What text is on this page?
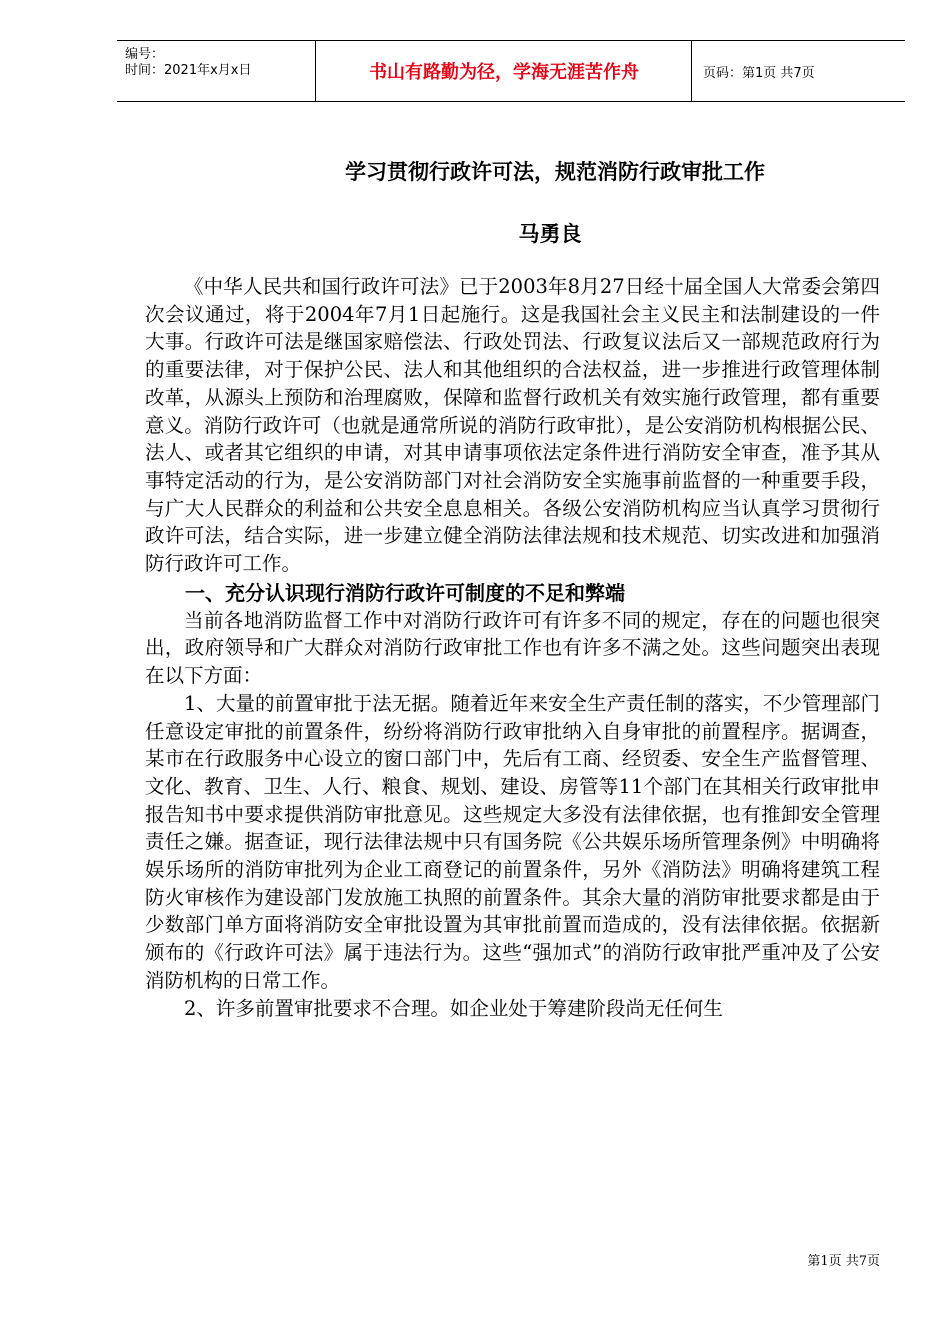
编号：
时间：2021年x月x日	书山有路勤为径，学海无涯苦作舟	页码：第1页 共7页
学习贯彻行政许可法，规范消防行政审批工作
马勇良

《中华人民共和国行政许可法》已于2003年8月27日经十届全国人大常委会第四次会议通过，将于2004年7月1日起施行。这是我国社会主义民主和法制建设的一件大事。行政许可法是继国家赔偿法、行政处罚法、行政复议法后又一部规范政府行为的重要法律，对于保护公民、法人和其他组织的合法权益，进一步推进行政管理体制改革，从源头上预防和治理腐败，保障和监督行政机关有效实施行政管理，都有重要意义。消防行政许可（也就是通常所说的消防行政审批），是公安消防机构根据公民、法人、或者其它组织的申请，对其申请事项依法定条件进行消防安全审查，准予其从事特定活动的行为，是公安消防部门对社会消防安全实施事前监督的一种重要手段，与广大人民群众的利益和公共安全息息相关。各级公安消防机构应当认真学习贯彻行政许可法，结合实际，进一步建立健全消防法律法规和技术规范、切实改进和加强消防行政许可工作。

一、充分认识现行消防行政许可制度的不足和弊端

当前各地消防监督工作中对消防行政许可有许多不同的规定，存在的问题也很突出，政府领导和广大群众对消防行政审批工作也有许多不满之处。这些问题突出表现在以下方面：

1、大量的前置审批于法无据。随着近年来安全生产责任制的落实，不少管理部门任意设定审批的前置条件，纷纷将消防行政审批纳入自身审批的前置程序。据调查，某市在行政服务中心设立的窗口部门中，先后有工商、经贸委、安全生产监督管理、文化、教育、卫生、人行、粮食、规划、建设、房管等11个部门在其相关行政审批申报告知书中要求提供消防审批意见。这些规定大多没有法律依据，也有推卸安全管理责任之嫌。据查证，现行法律法规中只有国务院《公共娱乐场所管理条例》中明确将娱乐场所的消防审批列为企业工商登记的前置条件，另外《消防法》明确将建筑工程防火审核作为建设部门发放施工执照的前置条件。其余大量的消防审批要求都是由于少数部门单方面将消防安全审批设置为其审批前置而造成的，没有法律依据。依据新颁布的《行政许可法》属于违法行为。这些“强加式”的消防行政审批严重冲及了公安消防机构的日常工作。

2、许多前置审批要求不合理。如企业处于筹建阶段尚无任何生

第1页 共7页
